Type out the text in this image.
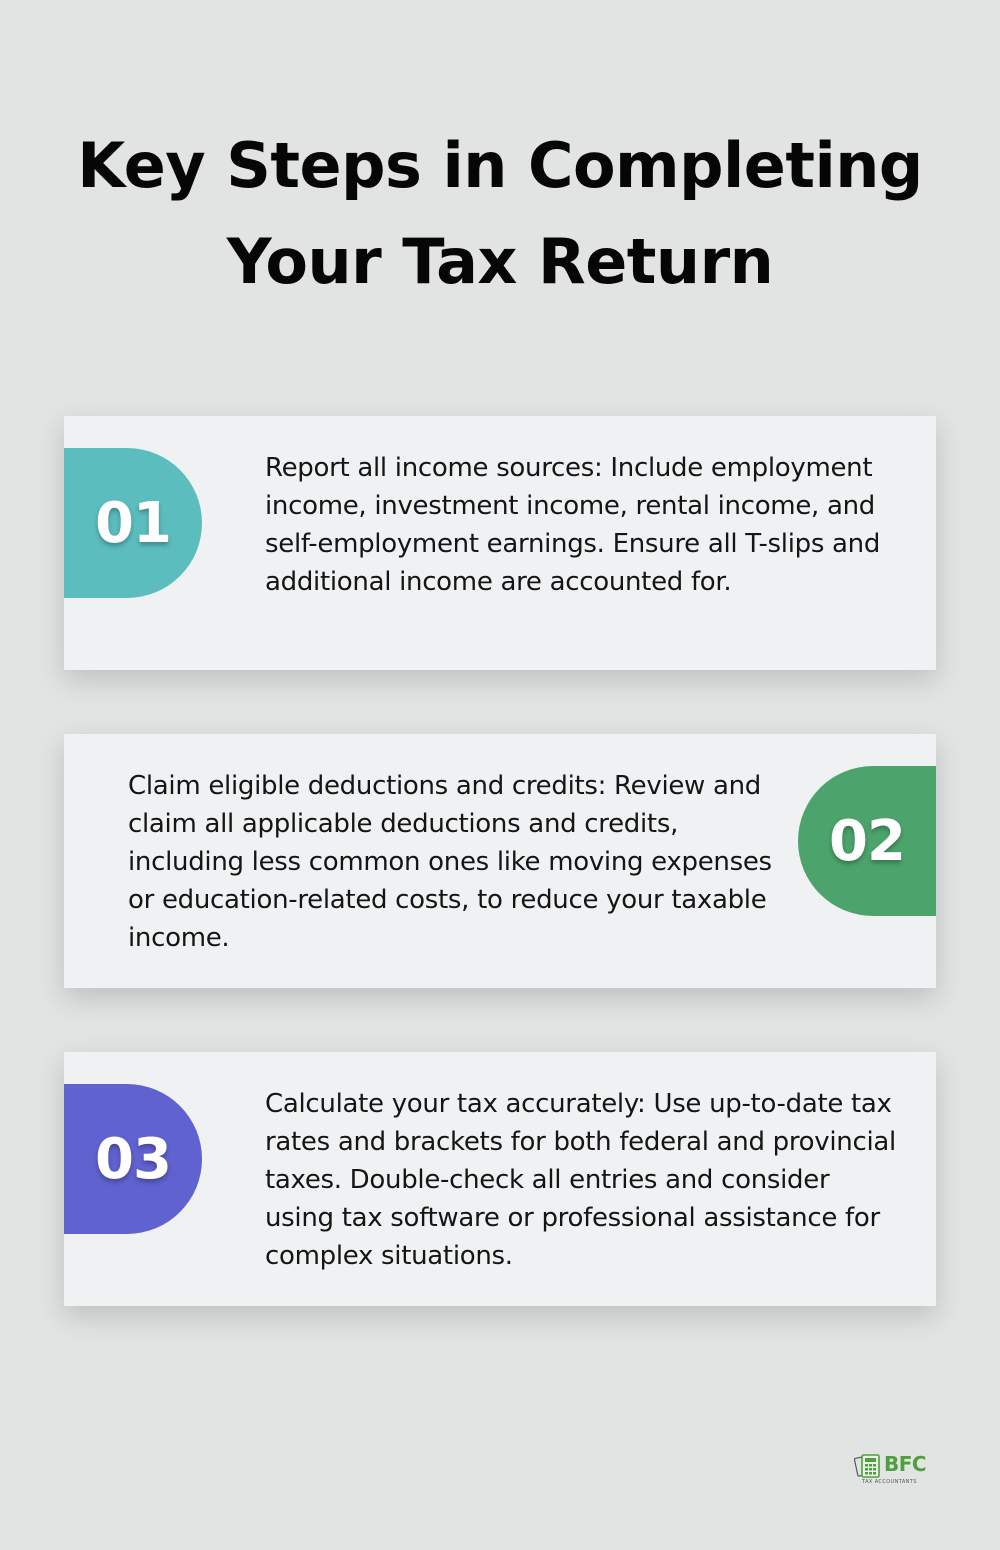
Key Steps in Completing
Your Tax Return
01

Report all income sources: Include employment income, investment income, rental income, and self-employment earnings. Ensure all T-slips and additional income are accounted for.

Claim eligible deductions and credits: Review and claim all applicable deductions and credits, including less common ones like moving expenses or education-related costs, to reduce your taxable income.

02
03

Calculate your tax accurately: Use up-to-date tax rates and brackets for both federal and provincial taxes. Double-check all entries and consider using tax software or professional assistance for complex situations.

BFC
TAX ACCOUNTANTS
